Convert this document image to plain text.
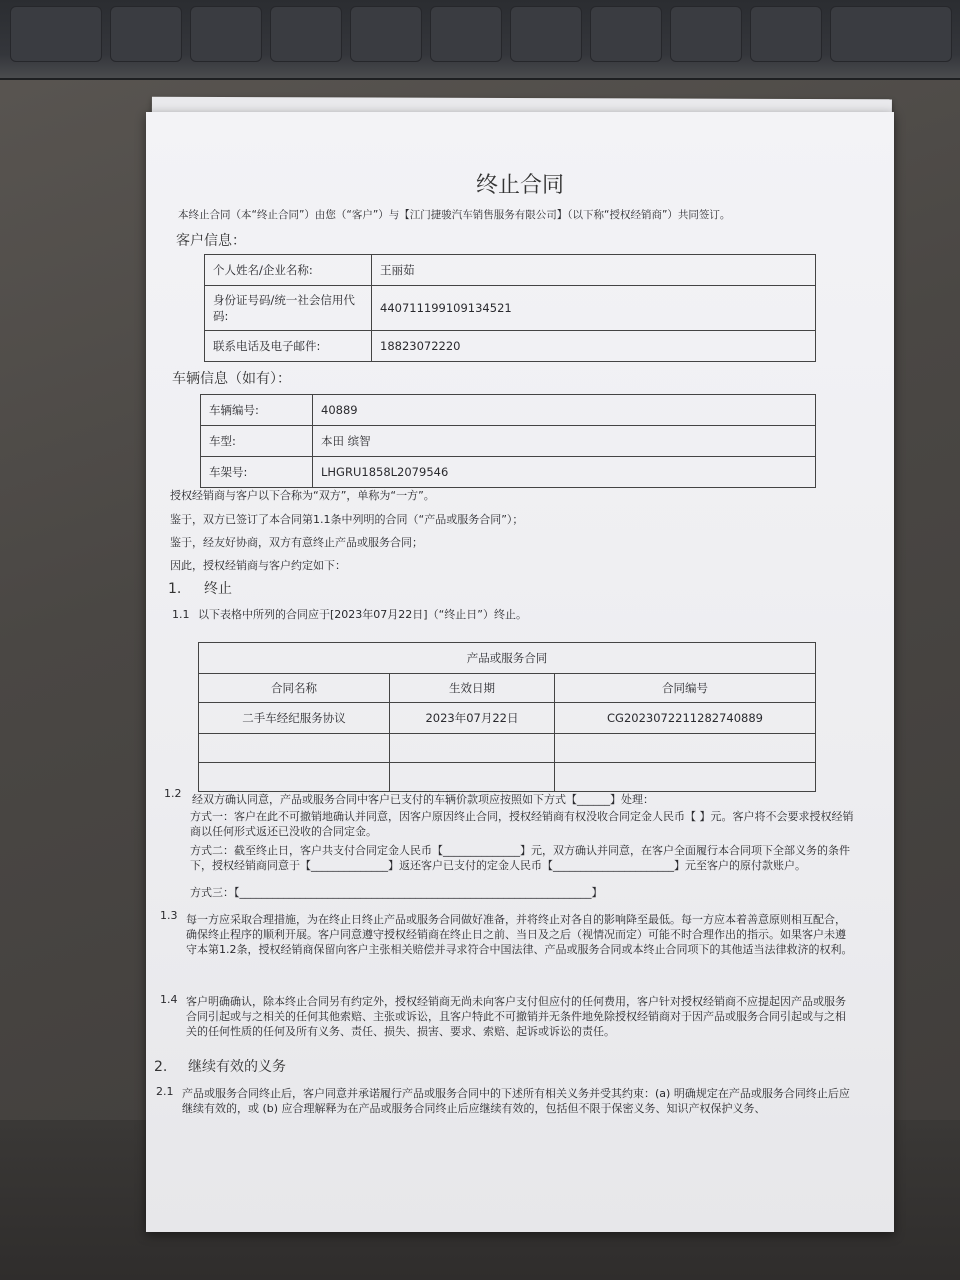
终止合同
本终止合同（本“终止合同”）由您（“客户”）与【江门捷骏汽车销售服务有限公司】（以下称“授权经销商”）共同签订。
客户信息：
个人姓名/企业名称:	王丽茹
身份证号码/统一社会信用代码:	440711199109134521
联系电话及电子邮件:	18823072220
车辆信息（如有）：
车辆编号:	40889
车型:	本田 缤智
车架号:	LHGRU1858L2079546
授权经销商与客户以下合称为“双方”，单称为“一方”。
鉴于，双方已签订了本合同第1.1条中列明的合同（“产品或服务合同”）；
鉴于，经友好协商，双方有意终止产品或服务合同；
因此，授权经销商与客户约定如下：
1. 终止
1.1 以下表格中所列的合同应于[2023年07月22日]（“终止日”）终止。
产品或服务合同		
合同名称	生效日期	合同编号
二手车经纪服务协议	2023年07月22日	CG2023072211282740889

1.2 经双方确认同意，产品或服务合同中客户已支付的车辆价款项应按照如下方式【______】处理：
方式一：客户在此不可撤销地确认并同意，因客户原因终止合同，授权经销商有权没收合同定金人民币【 】元。客户将不会要求授权经销商以任何形式返还已没收的合同定金。
方式二：截至终止日，客户共支付合同定金人民币【______________】元，双方确认并同意，在客户全面履行本合同项下全部义务的条件下，授权经销商同意于【______________】返还客户已支付的定金人民币【______________________】元至客户的原付款账户。
方式三：【________________________________________________________________】
1.3 每一方应采取合理措施，为在终止日终止产品或服务合同做好准备，并将终止对各自的影响降至最低。每一方应本着善意原则相互配合，确保终止程序的顺利开展。客户同意遵守授权经销商在终止日之前、当日及之后（视情况而定）可能不时合理作出的指示。如果客户未遵守本第1.2条，授权经销商保留向客户主张相关赔偿并寻求符合中国法律、产品或服务合同或本终止合同项下的其他适当法律救济的权利。
1.4 客户明确确认，除本终止合同另有约定外，授权经销商无尚未向客户支付但应付的任何费用，客户针对授权经销商不应提起因产品或服务合同引起或与之相关的任何其他索赔、主张或诉讼，且客户特此不可撤销并无条件地免除授权经销商对于因产品或服务合同引起或与之相关的任何性质的任何及所有义务、责任、损失、损害、要求、索赔、起诉或诉讼的责任。
2. 继续有效的义务
2.1 产品或服务合同终止后，客户同意并承诺履行产品或服务合同中的下述所有相关义务并受其约束：(a) 明确规定在产品或服务合同终止后应继续有效的，或 (b) 应合理解释为在产品或服务合同终止后应继续有效的，包括但不限于保密义务、知识产权保护义务、
